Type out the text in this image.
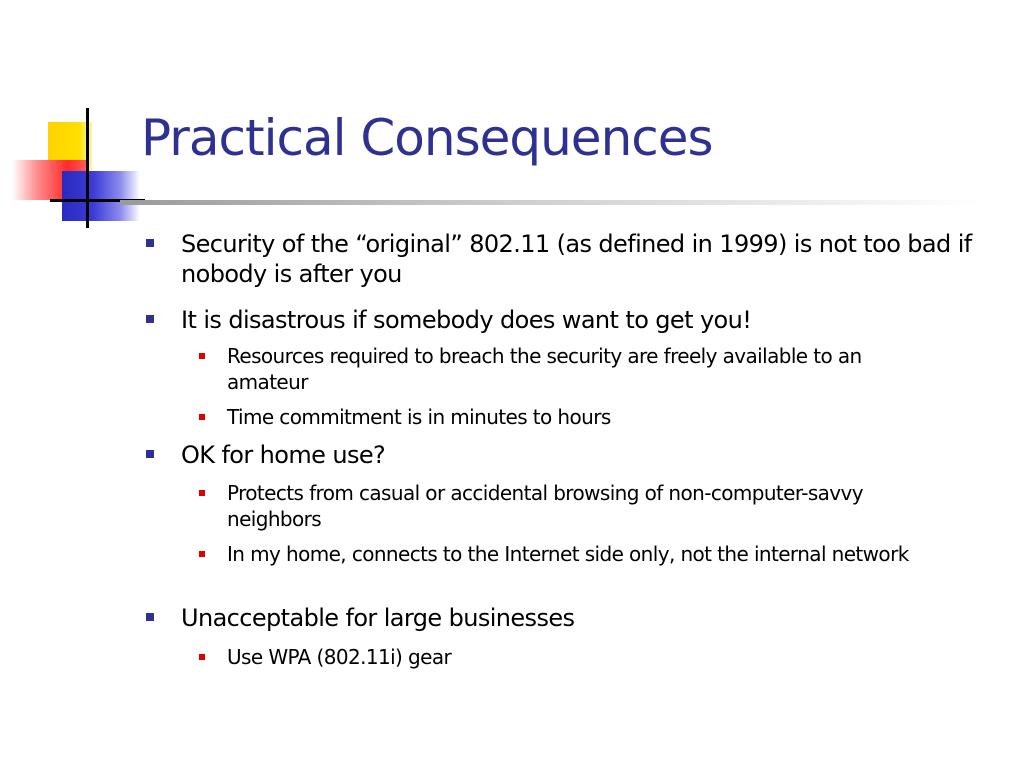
Practical Consequences
Security of the “original” 802.11 (as defined in 1999) is not too bad if nobody is after you
It is disastrous if somebody does want to get you!
Resources required to breach the security are freely available to an amateur
Time commitment is in minutes to hours
OK for home use?
Protects from casual or accidental browsing of non-computer-savvy neighbors
In my home, connects to the Internet side only, not the internal network
Unacceptable for large businesses
Use WPA (802.11i) gear
